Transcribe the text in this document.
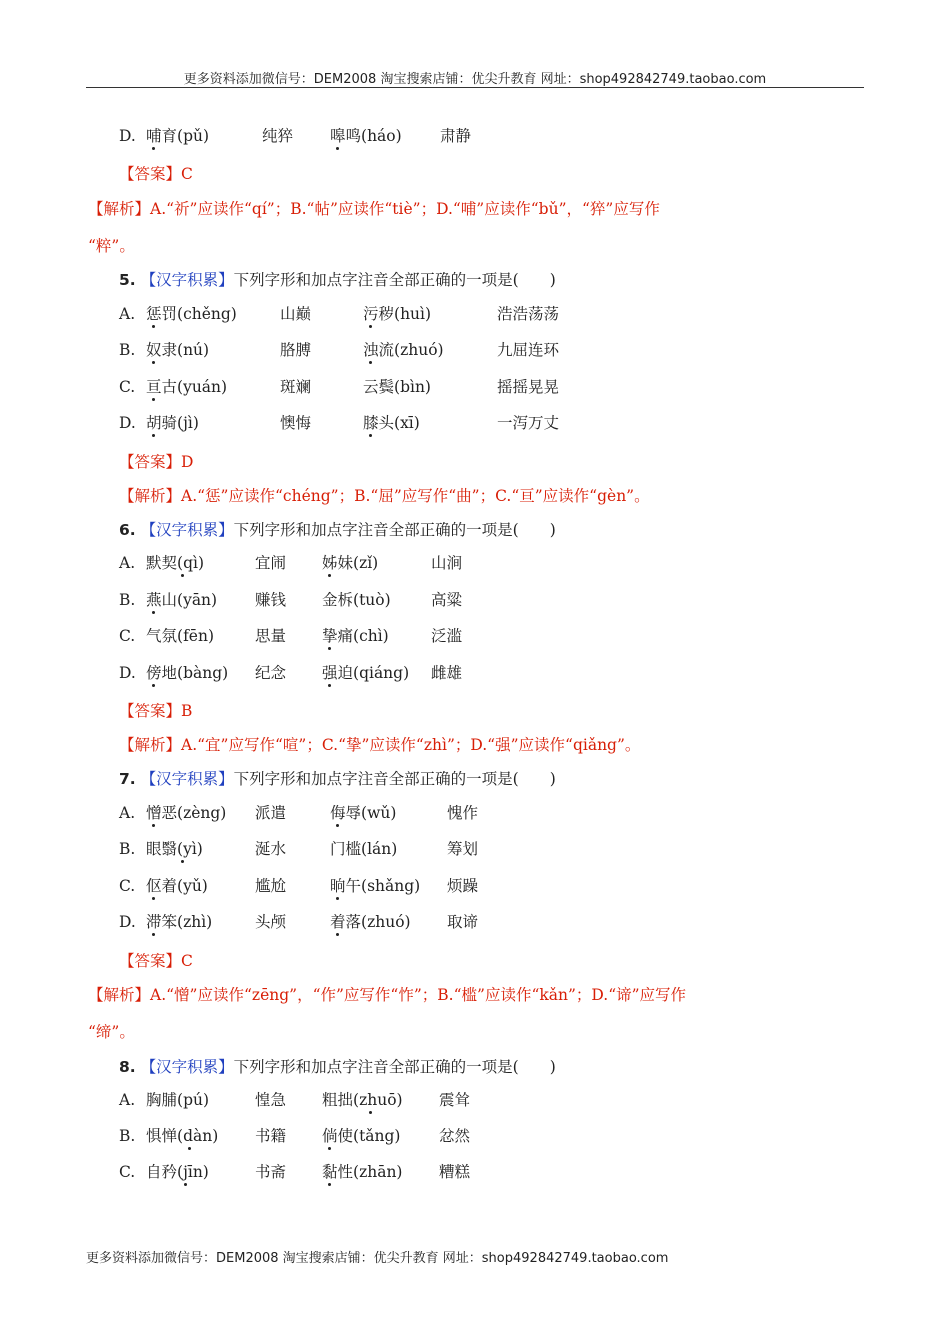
更多资料添加微信号：DEM2008 淘宝搜索店铺：优尖升教育 网址：shop492842749.taobao.com
D. 哺育(pǔ)	纯猝 嗥鸣(háo) 肃静
【答案】C
【解析】A.“祈”应读作“qí”；B.“帖”应读作“tiè”；D.“哺”应读作“bǔ”，“猝”应写作
“粹”。
5. 【汉字积累】下列字形和加点字注音全部正确的一项是(　　)
A. 惩罚(chěng)	山巅	污秽(huì)	浩浩荡荡
B. 奴隶(nú)	胳膊	浊流(zhuó)	九屈连环
C. 亘古(yuán)	斑斓	云鬓(bìn)	摇摇晃晃
D. 胡骑(jì)	懊悔	膝头(xī)	一泻万丈
【答案】D
【解析】A.“惩”应读作“chéng”；B.“屈”应写作“曲”；C.“亘”应读作“gèn”。
6. 【汉字积累】下列字形和加点字注音全部正确的一项是(　　)
A. 默契(qì)	宜闹 姊妹(zǐ)	山涧
B. 燕山(yān) 赚钱 金柝(tuò)	高粱
C. 气氛(fēn)	思量 挚痛(chì)	泛滥
D. 傍地(bàng) 纪念 强迫(qiáng) 雌雄
【答案】B
【解析】A.“宜”应写作“喧”；C.“挚”应读作“zhì”；D.“强”应读作“qiǎng”。
7. 【汉字积累】下列字形和加点字注音全部正确的一项是(　　)
A. 憎恶(zèng) 派遣	侮辱(wǔ)	愧作
B. 眼翳(yì)	涎水	门槛(lán)	筹划
C. 伛着(yǔ)	尴尬	晌午(shǎng) 烦躁
D. 滞笨(zhì)	头颅	着落(zhuó) 取谛
【答案】C
【解析】A.“憎”应读作“zēng”，“作”应写作“怍”；B.“槛”应读作“kǎn”；D.“谛”应写作
“缔”。
8. 【汉字积累】下列字形和加点字注音全部正确的一项是(　　)
A. 胸脯(pú)	惶急 粗拙(zhuō) 震耸
B. 惧惮(dàn) 书籍 倘使(tǎng) 忿然
C. 自矜(jīn)	书斋 黏性(zhān) 糟糕
更多资料添加微信号：DEM2008 淘宝搜索店铺：优尖升教育 网址：shop492842749.taobao.com
